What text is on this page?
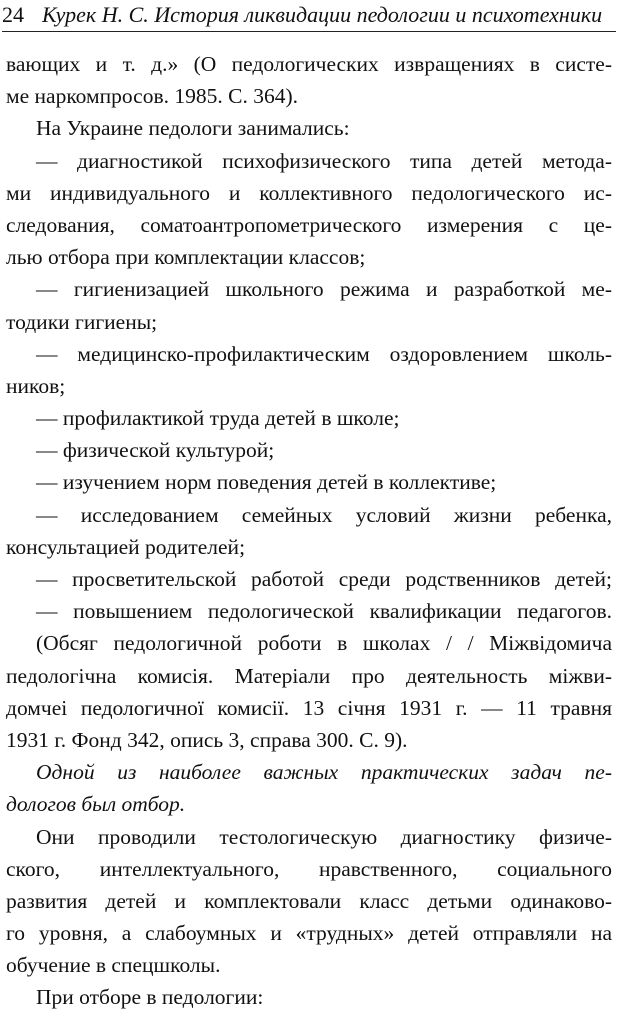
24 Курек Н. С. История ликвидации педологии и психотехники
вающих и т. д.» (О педологических извращениях в систе-
ме наркомпросов. 1985. С. 364).
На Украине педологи занимались:
— диагностикой психофизического типа детей метода-
ми индивидуального и коллективного педологического ис-
следования, соматоантропометрического измерения с це-
лью отбора при комплектации классов;
— гигиенизацией школьного режима и разработкой ме-
тодики гигиены;
— медицинско-профилактическим оздоровлением школь-
ников;
— профилактикой труда детей в школе;
— физической культурой;
— изучением норм поведения детей в коллективе;
— исследованием семейных условий жизни ребенка,
консультацией родителей;
— просветительской работой среди родственников детей;
— повышением педологической квалификации педагогов.
(Обсяг педологичной роботи в школах / / Міжвідомича
педологічна комисія. Матеріали про деятельность міжви-
домчеі педологичної комисії. 13 січня 1931 г. — 11 травня
1931 г. Фонд 342, опись 3, справа 300. С. 9).
Одной из наиболее важных практических задач пе-
дологов был отбор.
Они проводили тестологическую диагностику физиче-
ского, интеллектуального, нравственного, социального
развития детей и комплектовали класс детьми одинаково-
го уровня, а слабоумных и «трудных» детей отправляли на
обучение в спецшколы.
При отборе в педологии:
